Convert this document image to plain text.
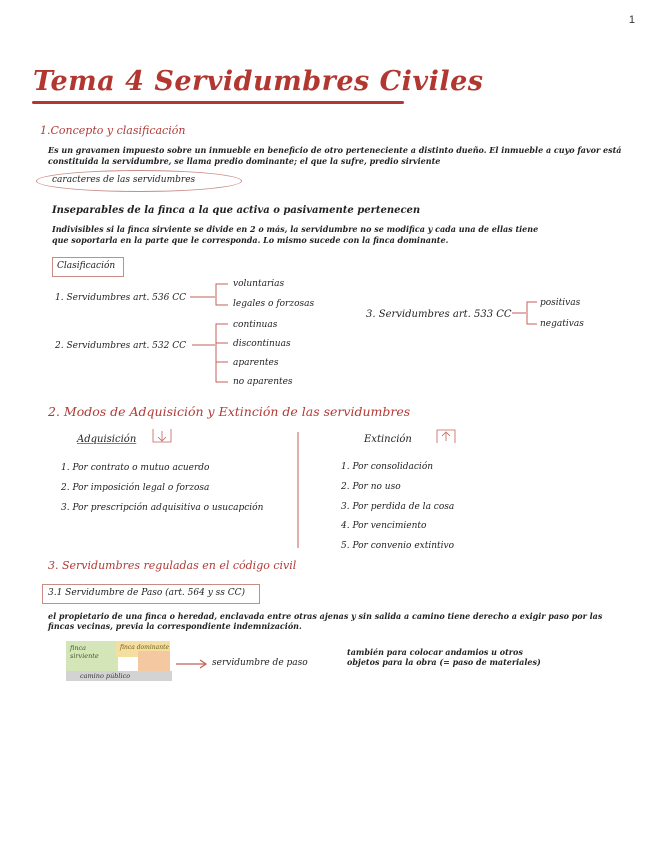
1
Tema 4 Servidumbres Civiles
1.Concepto y clasificación
Es un gravamen impuesto sobre un inmueble en beneficio de otro perteneciente a distinto dueño. El inmueble a cuyo favor está
constituida la servidumbre, se llama predio dominante; el que la sufre, predio sirviente
caracteres de las servidumbres
Inseparables de la finca a la que activa o pasivamente pertenecen
Indivisibles si la finca sirviente se divide en 2 o más, la servidumbre no se modifica y cada una de ellas tiene
que soportarla en la parte que le corresponda. Lo mismo sucede con la finca dominante.
Clasificación
1. Servidumbres art. 536 CC
voluntarias
legales o forzosas
2. Servidumbres art. 532 CC
continuas
discontinuas
aparentes
no aparentes
3. Servidumbres art. 533 CC
positivas
negativas
2. Modos de Adquisición y Extinción de las servidumbres
Adquisición
1. Por contrato o mutuo acuerdo
2. Por imposición legal o forzosa
3. Por prescripción adquisitiva o usucapción
Extinción
1. Por consolidación
2. Por no uso
3. Por perdida de la cosa
4. Por vencimiento
5. Por convenio extintivo
3. Servidumbres reguladas en el código civil
3.1 Servidumbre de Paso (art. 564 y ss CC)
el propietario de una finca o heredad, enclavada entre otras ajenas y sin salida a camino tiene derecho a exigir paso por las
fincas vecinas, previa la correspondiente indemnización.
finca sirviente
finca dominante
camino público
servidumbre de paso
también para colocar andamios u otros
objetos para la obra (= paso de materiales)
